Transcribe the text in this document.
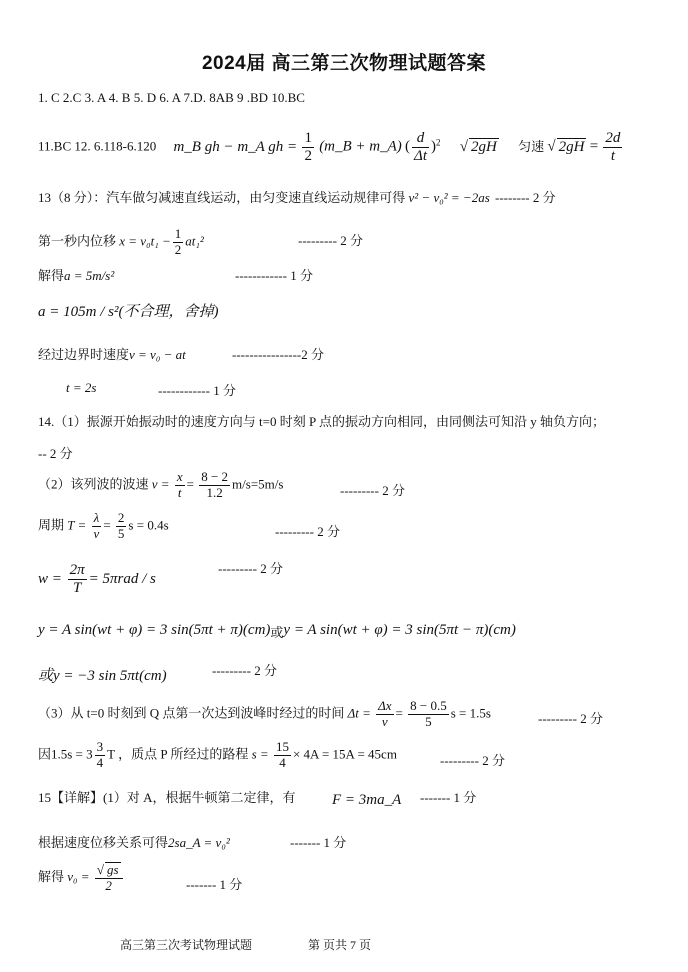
2024届 高三第三次物理试题答案
1. C 2.C 3. A 4. B 5. D 6. A 7.D. 8AB 9 .BD 10.BC
11.BC 12. 6.118-6.120 m_B gh − m_A gh = $\frac{1}{2}$ (m_B + m_A) ( $\frac{d}{\Delta t} )^2$ √ 2gH 匀速 √ $2gH = \frac{2d}{t}$
13（8 分）：汽车做匀减速直线运动，由匀变速直线运动规律可得 v² − v₀² = −2as -------- 2 分
第一秒内位移 $x = v_0t_1 - \frac{1}{2} at_1^2$	--------- 2 分
解得a = 5m/s²	------------ 1 分
a = 105m / s²(不合理，舍掉)
经过边界时速度v = v₀ − at	----------------2 分
t = 2s	------------ 1 分
14.（1）振源开始振动时的速度方向与 t=0 时刻 P 点的振动方向相同，由同侧法可知沿 y 轴负方向；
-- 2 分
（2）该列波的波速 $v = \frac{x}{t} = \frac{8 - 2}{1.2} m/s=5m/s$	--------- 2 分
周期 $T = \frac{\lambda}{v} = \frac{2}{5}$ s = 0.4s	--------- 2 分
$w = \frac{2\pi}{T} = 5\pi rad / s$
--------- 2 分
y = A sin(wt + φ) = 3 sin(5πt + π)(cm)或y = A sin(wt + φ) = 3 sin(5πt − π)(cm)
或y = −3 sin 5πt(cm)	--------- 2 分
（3）从 t=0 时刻到 Q 点第一次达到波峰时经过的时间 $\Delta t = \frac{\Delta x}{v} = \frac{8 - 0.5}{5}$ s = 1.5s	--------- 2 分
因$1.5s = 3 \frac{3}{4}$ T ，质点 P 所经过的路程 $s = \frac{15}{4} \times 4A = 15A = 45cm$	--------- 2 分
15【详解】(1）对 A，根据牛顿第二定律，有 F = 3ma_A ------- 1 分
根据速度位移关系可得2sa_A = v₀²	------- 1 分
解得 $v_0 = \frac{√ gs}{2}$	------- 1 分
高三第三次考试物理试题	第 页共 7 页
